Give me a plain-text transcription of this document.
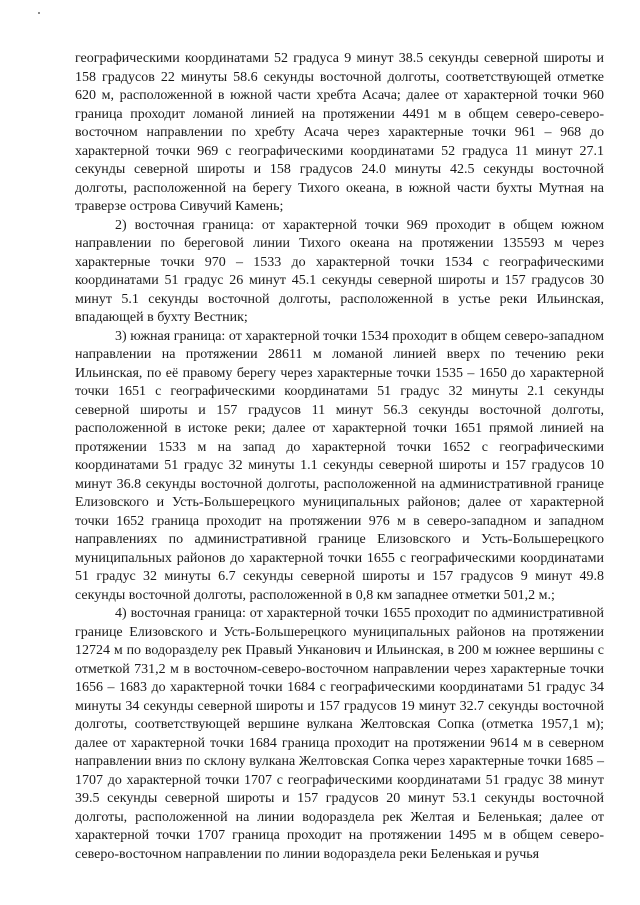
географическими координатами 52 градуса 9 минут 38.5 секунды северной широты и 158 градусов 22 минуты 58.6 секунды восточной долготы, соответствующей отметке 620 м, расположенной в южной части хребта Асача; далее от характерной точки 960 граница проходит ломаной линией на протяжении 4491 м в общем северо-северо-восточном направлении по хребту Асача через характерные точки 961 – 968 до характерной точки 969 с географическими координатами 52 градуса 11 минут 27.1 секунды северной широты и 158 градусов 24.0 минуты 42.5 секунды восточной долготы, расположенной на берегу Тихого океана, в южной части бухты Мутная на траверзе острова Сивучий Камень;

2) восточная граница: от характерной точки 969 проходит в общем южном направлении по береговой линии Тихого океана на протяжении 135593 м через характерные точки 970 – 1533 до характерной точки 1534 с географическими координатами 51 градус 26 минут 45.1 секунды северной широты и 157 градусов 30 минут 5.1 секунды восточной долготы, расположенной в устье реки Ильинская, впадающей в бухту Вестник;

3) южная граница: от характерной точки 1534 проходит в общем северо-западном направлении на протяжении 28611 м ломаной линией вверх по течению реки Ильинская, по её правому берегу через характерные точки 1535 – 1650 до характерной точки 1651 с географическими координатами 51 градус 32 минуты 2.1 секунды северной широты и 157 градусов 11 минут 56.3 секунды восточной долготы, расположенной в истоке реки; далее от характерной точки 1651 прямой линией на протяжении 1533 м на запад до характерной точки 1652 с географическими координатами 51 градус 32 минуты 1.1 секунды северной широты и 157 градусов 10 минут 36.8 секунды восточной долготы, расположенной на административной границе Елизовского и Усть-Большерецкого муниципальных районов; далее от характерной точки 1652 граница проходит на протяжении 976 м в северо-западном и западном направлениях по административной границе Елизовского и Усть-Большерецкого муниципальных районов до характерной точки 1655 с географическими координатами 51 градус 32 минуты 6.7 секунды северной широты и 157 градусов 9 минут 49.8 секунды восточной долготы, расположенной в 0,8 км западнее отметки 501,2 м.;

4) восточная граница: от характерной точки 1655 проходит по административной границе Елизовского и Усть-Большерецкого муниципальных районов на протяжении 12724 м по водоразделу рек Правый Унканович и Ильинская, в 200 м южнее вершины с отметкой 731,2 м в восточном-северо-восточном направлении через характерные точки 1656 – 1683 до характерной точки 1684 с географическими координатами 51 градус 34 минуты 34 секунды северной широты и 157 градусов 19 минут 32.7 секунды восточной долготы, соответствующей вершине вулкана Желтовская Сопка (отметка 1957,1 м); далее от характерной точки 1684 граница проходит на протяжении 9614 м в северном направлении вниз по склону вулкана Желтовская Сопка через характерные точки 1685 – 1707 до характерной точки 1707 с географическими координатами 51 градус 38 минут 39.5 секунды северной широты и 157 градусов 20 минут 53.1 секунды восточной долготы, расположенной на линии водораздела рек Желтая и Беленькая; далее от характерной точки 1707 граница проходит на протяжении 1495 м в общем северо-северо-восточном направлении по линии водораздела реки Беленькая и ручья
